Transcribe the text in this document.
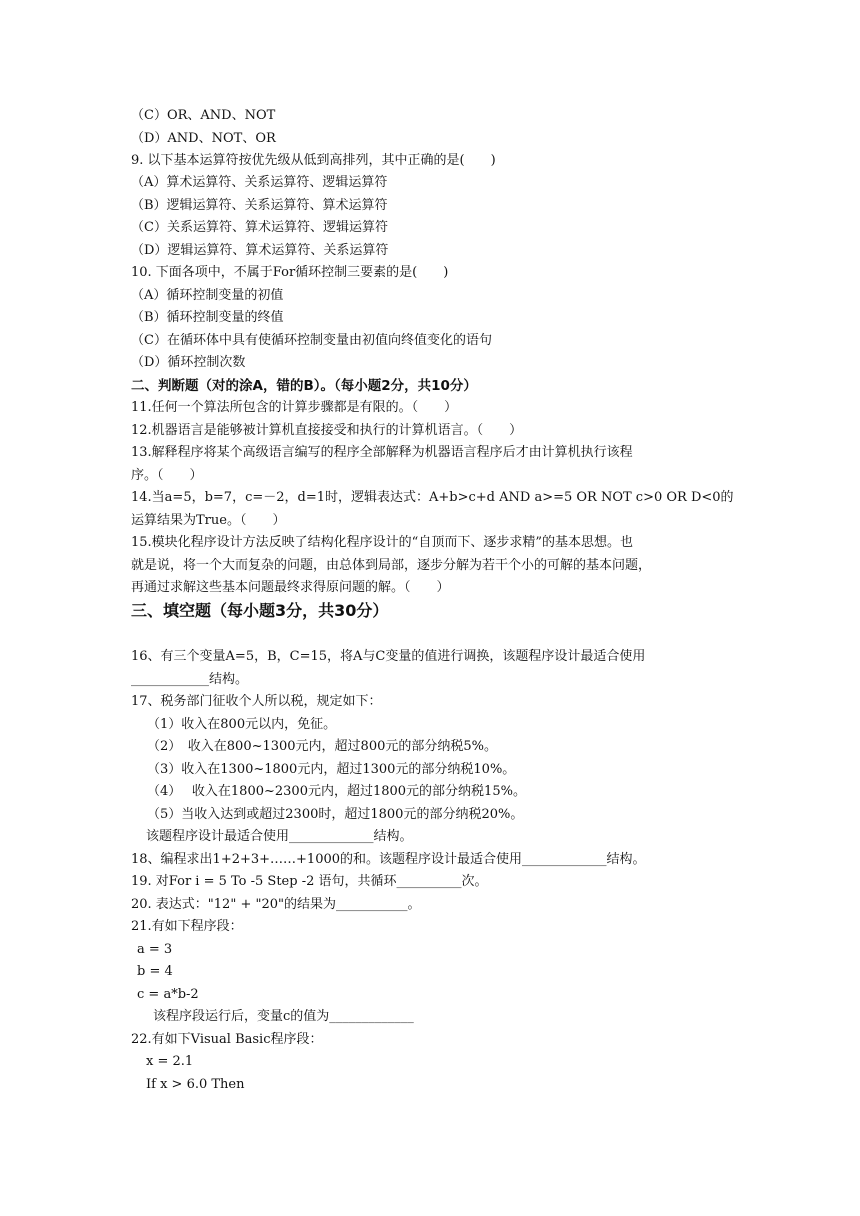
（C）OR、AND、NOT
（D）AND、NOT、OR
9. 以下基本运算符按优先级从低到高排列，其中正确的是(　　)
（A）算术运算符、关系运算符、逻辑运算符
（B）逻辑运算符、关系运算符、算术运算符
（C）关系运算符、算术运算符、逻辑运算符
（D）逻辑运算符、算术运算符、关系运算符
10. 下面各项中，不属于For循环控制三要素的是(　　)
（A）循环控制变量的初值
（B）循环控制变量的终值
（C）在循环体中具有使循环控制变量由初值向终值变化的语句
（D）循环控制次数
二、判断题（对的涂A，错的B）。（每小题2分，共10分）
11.任何一个算法所包含的计算步骤都是有限的。（　　）
12.机器语言是能够被计算机直接接受和执行的计算机语言。（　　）
13.解释程序将某个高级语言编写的程序全部解释为机器语言程序后才由计算机执行该程
序。（　　）
14.当a=5，b=7，c=－2，d=1时，逻辑表达式：A+b>c+d AND a>=5 OR NOT c>0 OR D<0的
运算结果为True。（　　）
15.模块化程序设计方法反映了结构化程序设计的“自顶而下、逐步求精”的基本思想。也
就是说，将一个大而复杂的问题，由总体到局部，逐步分解为若干个小的可解的基本问题，
再通过求解这些基本问题最终求得原问题的解。（　　）
三、填空题（每小题3分，共30分）
16、有三个变量A=5，B，C=15，将A与C变量的值进行调换，该题程序设计最适合使用
____________结构。
17、税务部门征收个人所以税，规定如下：
（1）收入在800元以内，免征。
（2）　收入在800~1300元内，超过800元的部分纳税5%。
（3）收入在1300~1800元内，超过1300元的部分纳税10%。
（4）　 收入在1800~2300元内，超过1800元的部分纳税15%。
（5）当收入达到或超过2300时，超过1800元的部分纳税20%。
该题程序设计最适合使用_____________结构。
18、编程求出1+2+3+……+1000的和。该题程序设计最适合使用_____________结构。
19. 对For i = 5 To -5 Step -2 语句，共循环__________次。
20. 表达式："12" + "20"的结果为___________。
21.有如下程序段：
a = 3
b = 4
c = a*b-2
该程序段运行后，变量c的值为_____________
22.有如下Visual Basic程序段：
x = 2.1
If x > 6.0 Then
